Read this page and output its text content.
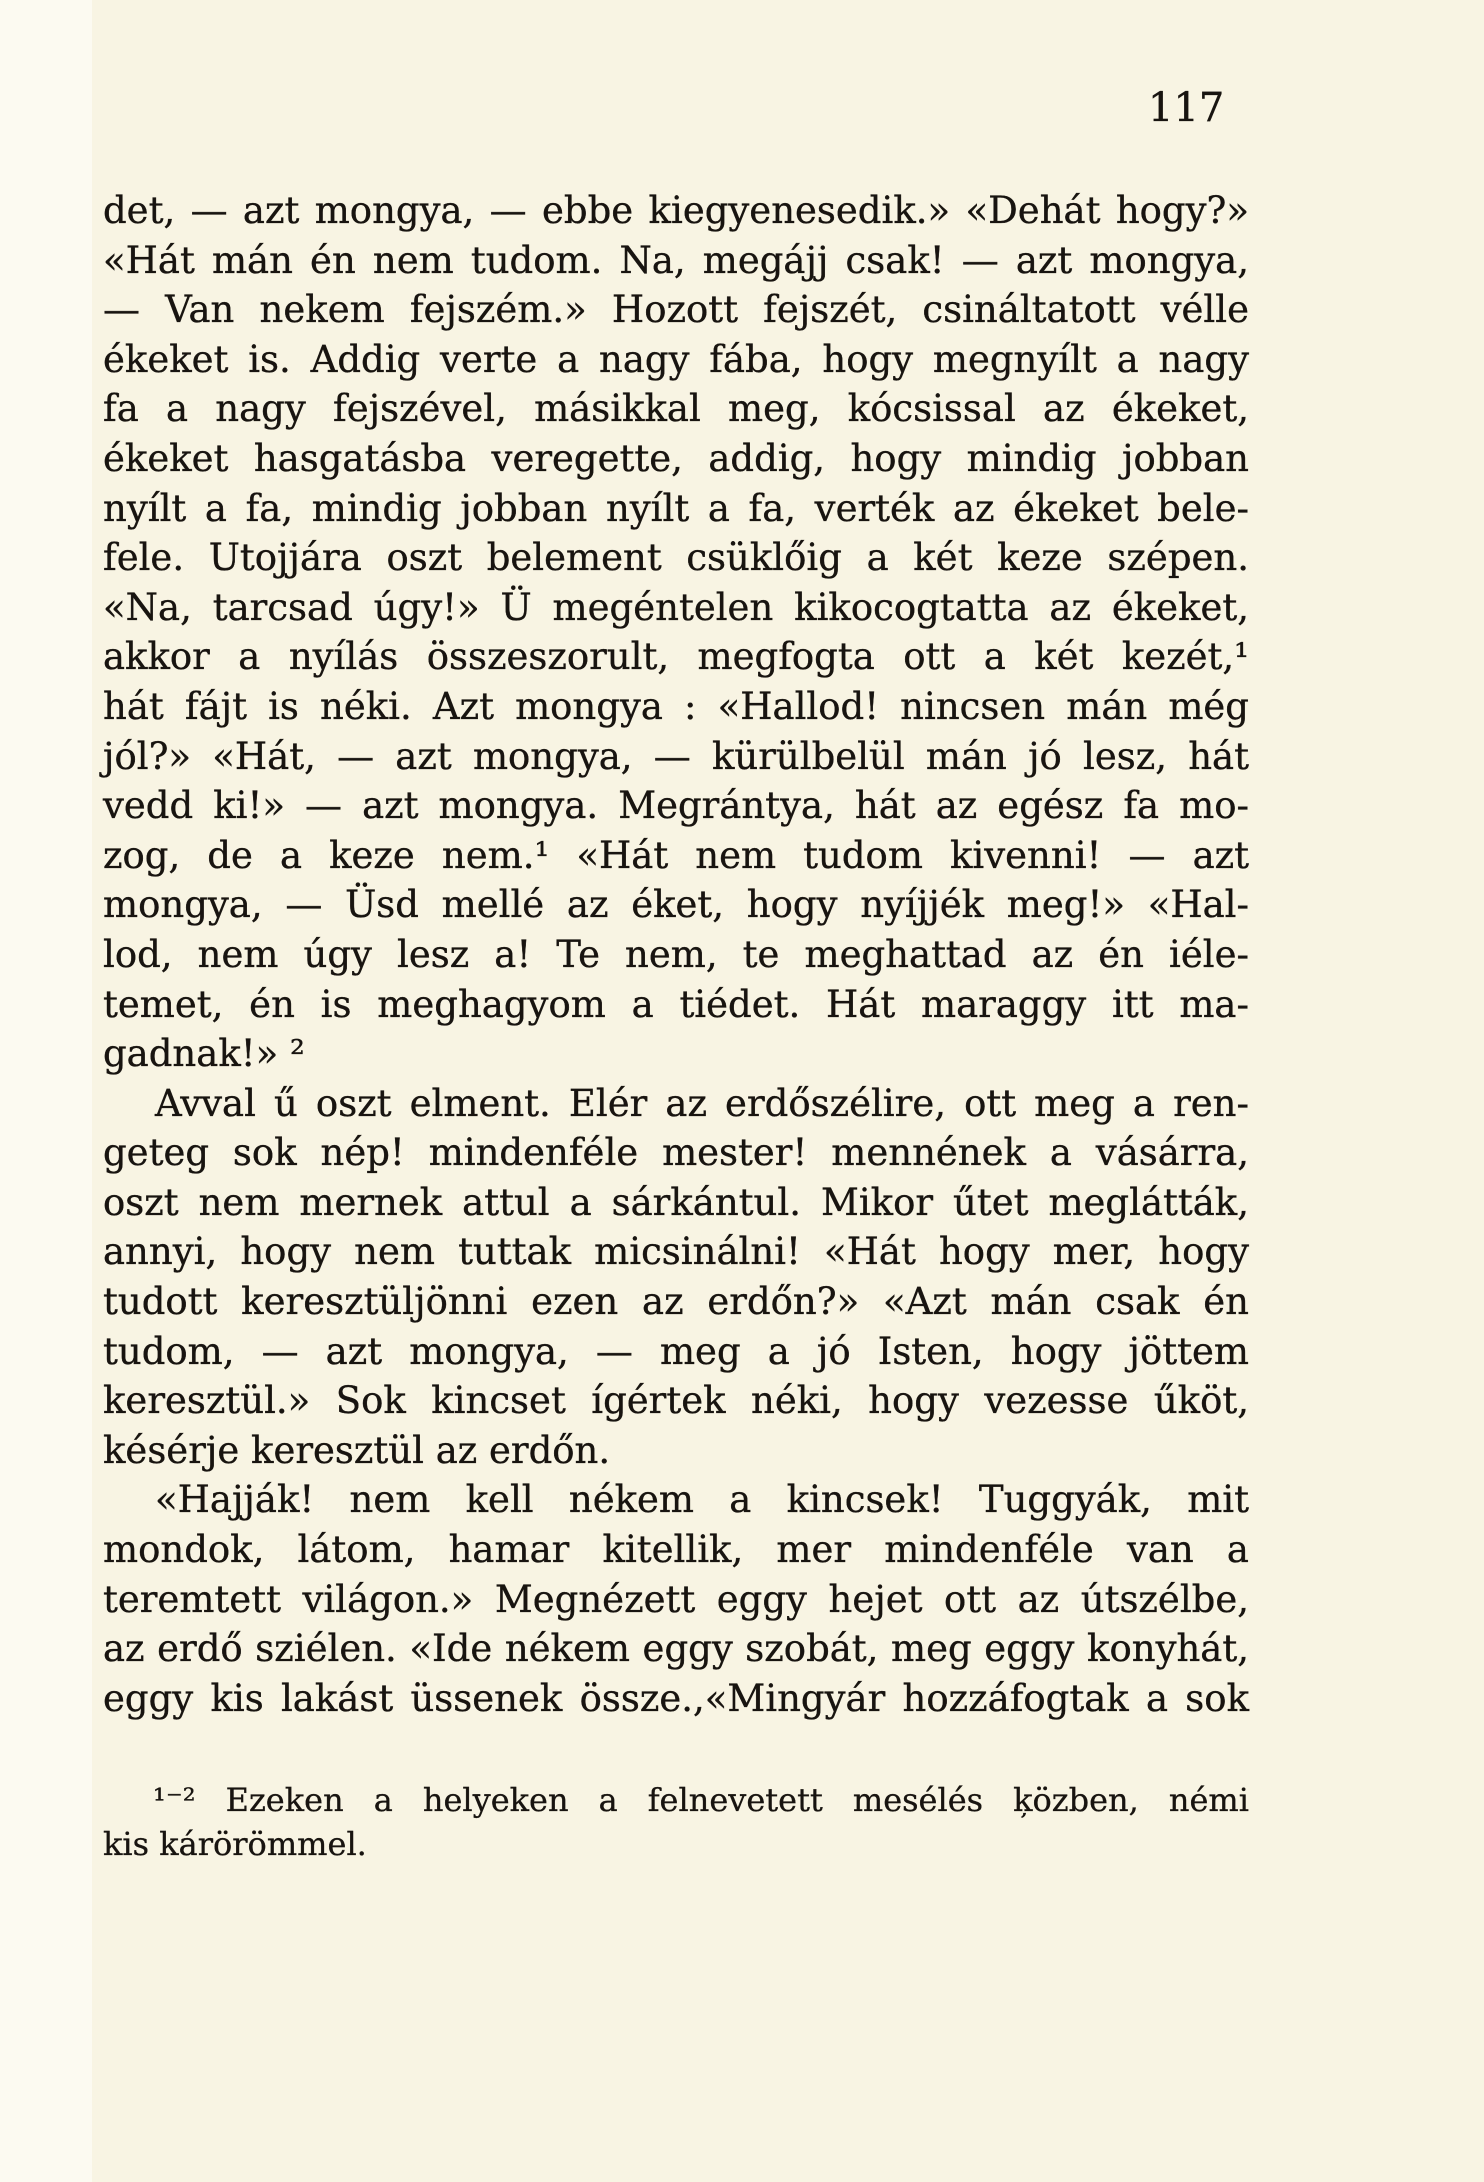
117
det, — azt mongya, — ebbe kiegyenesedik.» «Dehát hogy?»
«Hát mán én nem tudom. Na, megájj csak! — azt mongya,
— Van nekem fejszém.» Hozott fejszét, csináltatott vélle
ékeket is. Addig verte a nagy fába, hogy megnyílt a nagy
fa a nagy fejszével, másikkal meg, kócsissal az ékeket,
ékeket hasgatásba veregette, addig, hogy mindig jobban
nyílt a fa, mindig jobban nyílt a fa, verték az ékeket bele-
fele. Utojjára oszt belement csüklőig a két keze szépen.
«Na, tarcsad úgy!» Ü megéntelen kikocogtatta az ékeket,
akkor a nyílás összeszorult, megfogta ott a két kezét,¹
hát fájt is néki. Azt mongya : «Hallod! nincsen mán még
jól?» «Hát, — azt mongya, — kürülbelül mán jó lesz, hát
vedd ki!» — azt mongya. Megrántya, hát az egész fa mo-
zog, de a keze nem.¹ «Hát nem tudom kivenni! — azt
mongya, — Üsd mellé az éket, hogy nyíjjék meg!» «Hal-
lod, nem úgy lesz a! Te nem, te meghattad az én iéle-
temet, én is meghagyom a tiédet. Hát maraggy itt ma-
gadnak!» ²
Avval ű oszt elment. Elér az erdőszélire, ott meg a ren-
geteg sok nép! mindenféle mester! mennének a vásárra,
oszt nem mernek attul a sárkántul. Mikor űtet meglátták,
annyi, hogy nem tuttak micsinálni! «Hát hogy mer, hogy
tudott keresztüljönni ezen az erdőn?» «Azt mán csak én
tudom, — azt mongya, — meg a jó Isten, hogy jöttem
keresztül.» Sok kincset ígértek néki, hogy vezesse űköt,
késérje keresztül az erdőn.
«Hajják! nem kell nékem a kincsek! Tuggyák, mit
mondok, látom, hamar kitellik, mer mindenféle van a
teremtett világon.» Megnézett eggy hejet ott az útszélbe,
az erdő sziélen. «Ide nékem eggy szobát, meg eggy konyhát,
eggy kis lakást üssenek össze.,«Mingyár hozzáfogtak a sok
¹⁻² Ezeken a helyeken a felnevetett mesélés ķözben, némi
kis kárörömmel.
